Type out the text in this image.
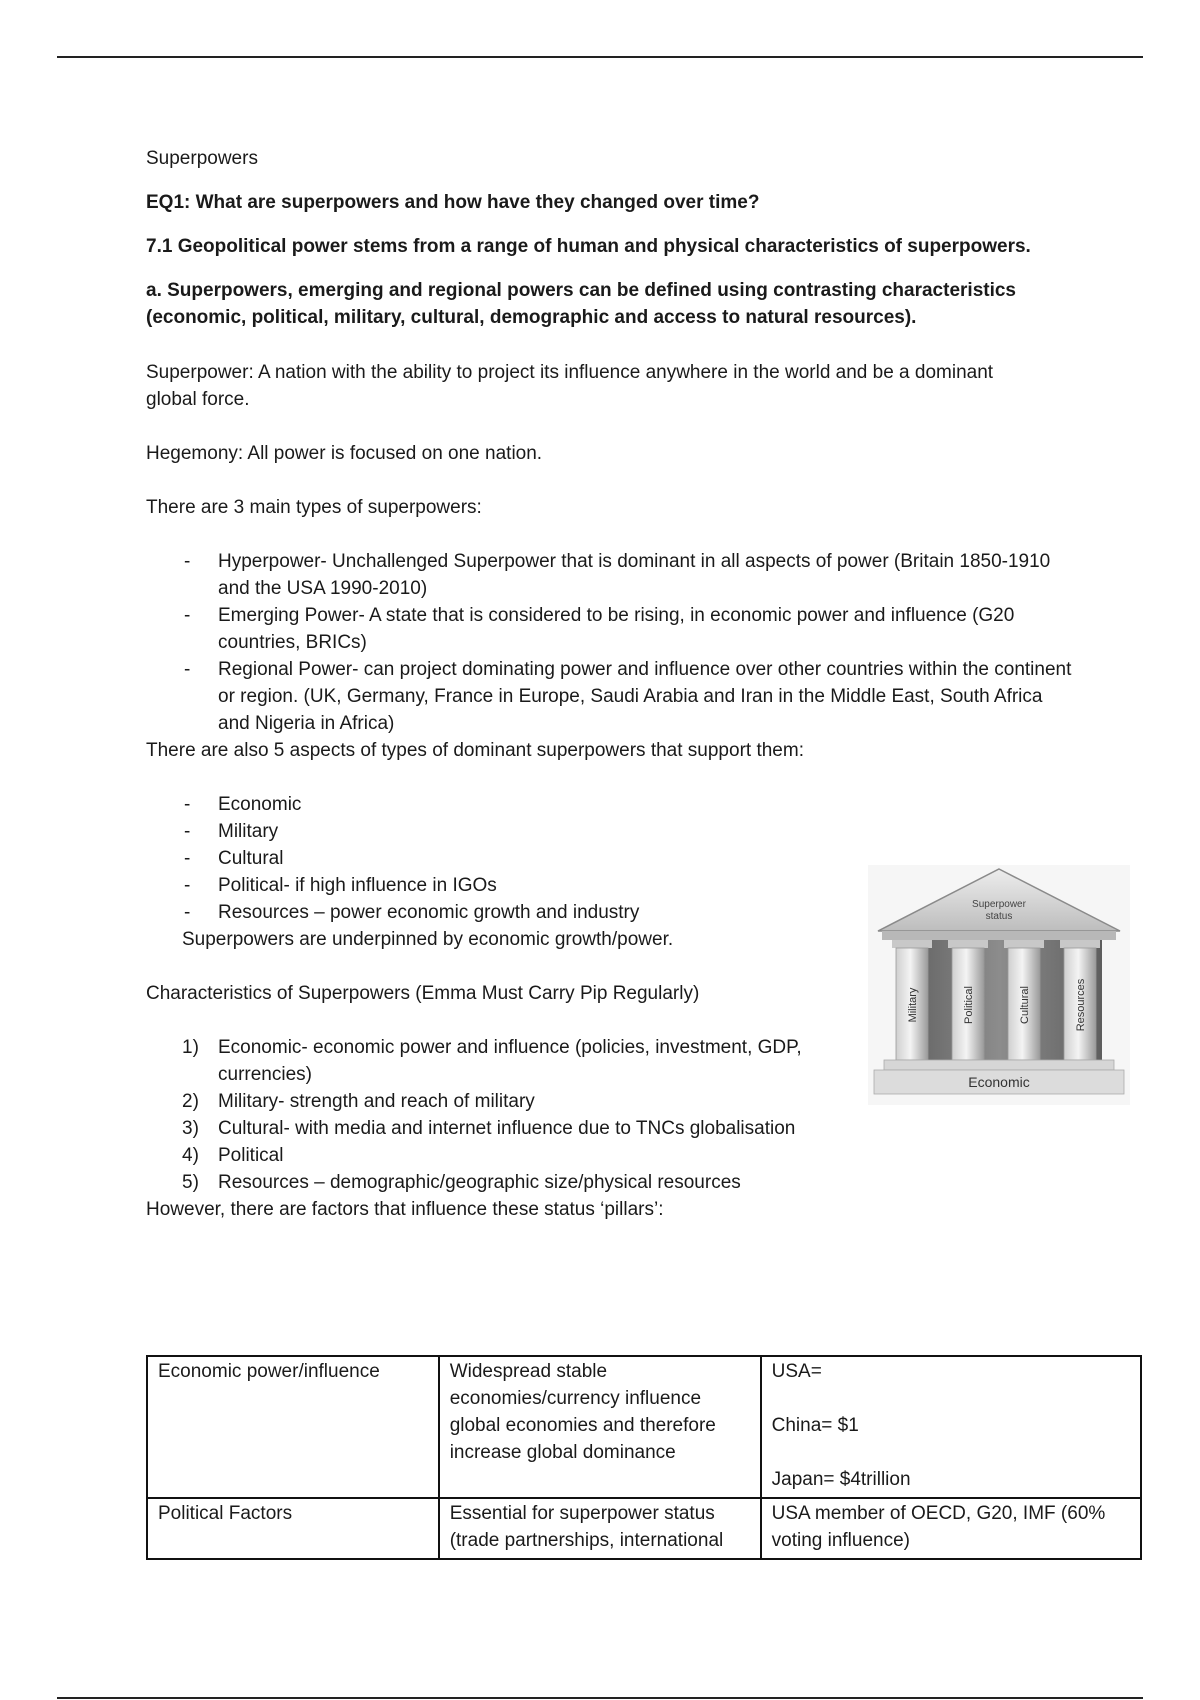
Superpowers

EQ1: What are superpowers and how have they changed over time?

7.1 Geopolitical power stems from a range of human and physical characteristics of superpowers.

a. Superpowers, emerging and regional powers can be defined using contrasting characteristics (economic, political, military, cultural, demographic and access to natural resources).

Superpower: A nation with the ability to project its influence anywhere in the world and be a dominant global force.

Hegemony: All power is focused on one nation.

There are 3 main types of superpowers:

- Hyperpower- Unchallenged Superpower that is dominant in all aspects of power (Britain 1850-1910 and the USA 1990-2010)
- Emerging Power- A state that is considered to be rising, in economic power and influence (G20 countries, BRICs)
- Regional Power- can project dominating power and influence over other countries within the continent or region. (UK, Germany, France in Europe, Saudi Arabia and Iran in the Middle East, South Africa and Nigeria in Africa)

There are also 5 aspects of types of dominant superpowers that support them:

- Economic
- Military
- Cultural
- Political- if high influence in IGOs
- Resources – power economic growth and industry

Superpowers are underpinned by economic growth/power.

Characteristics of Superpowers (Emma Must Carry Pip Regularly)

1) Economic- economic power and influence (policies, investment, GDP, currencies)
2) Military- strength and reach of military
3) Cultural- with media and internet influence due to TNCs globalisation
4) Political
5) Resources – demographic/geographic size/physical resources

However, there are factors that influence these status ‘pillars’:

Superpower
status
Military	Political	Cultural	Resources
Economic
Economic power/influence	Widespread stable economies/currency influence global economies and therefore increase global dominance	USA=
China= $1
Japan= $4trillion

Political Factors	Essential for superpower status (trade partnerships, international	USA member of OECD, G20, IMF (60% voting influence)
